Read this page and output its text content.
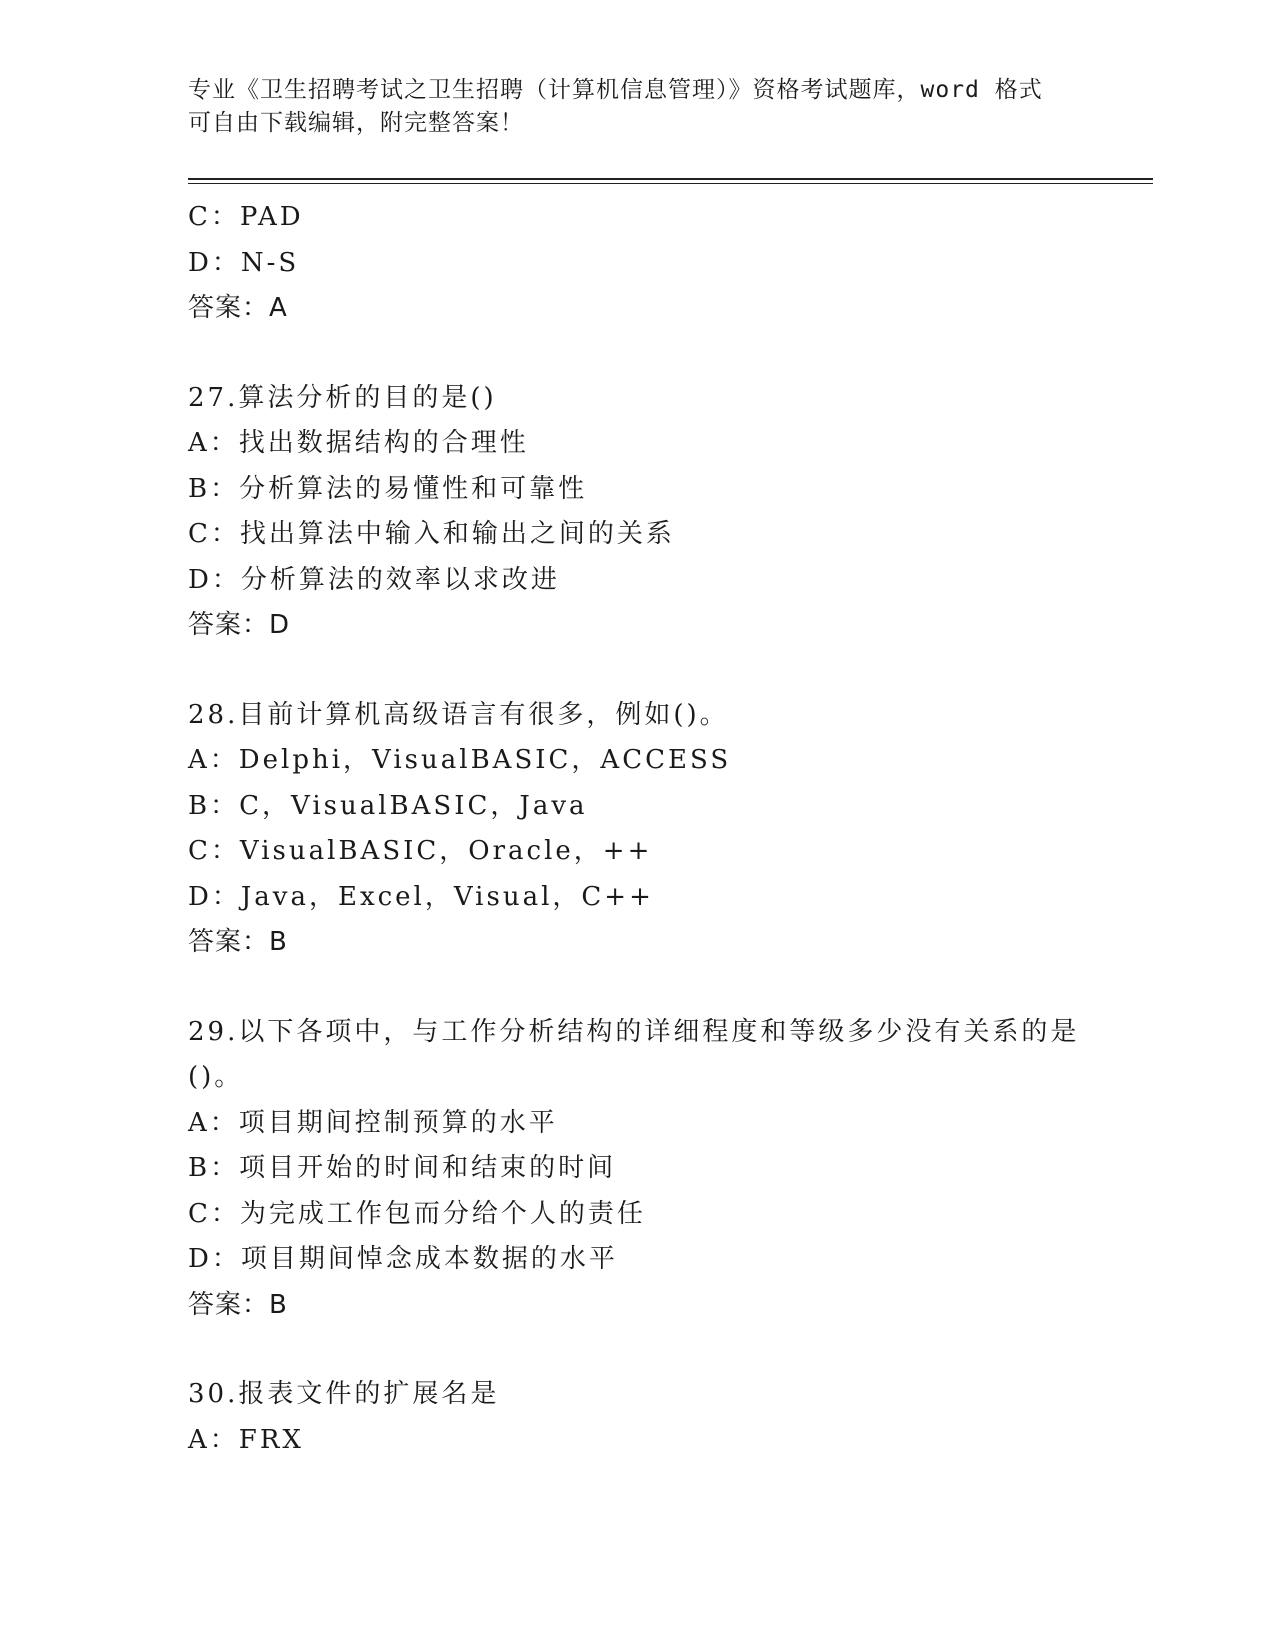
专业《卫生招聘考试之卫生招聘（计算机信息管理）》资格考试题库，word 格式
可自由下载编辑，附完整答案！
C：PAD
D：N-S
答案：A
27.算法分析的目的是()
A：找出数据结构的合理性
B：分析算法的易懂性和可靠性
C：找出算法中输入和输出之间的关系
D：分析算法的效率以求改进
答案：D
28.目前计算机高级语言有很多，例如()。
A：Delphi，VisualBASIC，ACCESS
B：C，VisualBASIC，Java
C：VisualBASIC，Oracle，++
D：Java，Excel，Visual，C++
答案：B
29.以下各项中，与工作分析结构的详细程度和等级多少没有关系的是
()。
A：项目期间控制预算的水平
B：项目开始的时间和结束的时间
C：为完成工作包而分给个人的责任
D：项目期间悼念成本数据的水平
答案：B
30.报表文件的扩展名是
A：FRX
